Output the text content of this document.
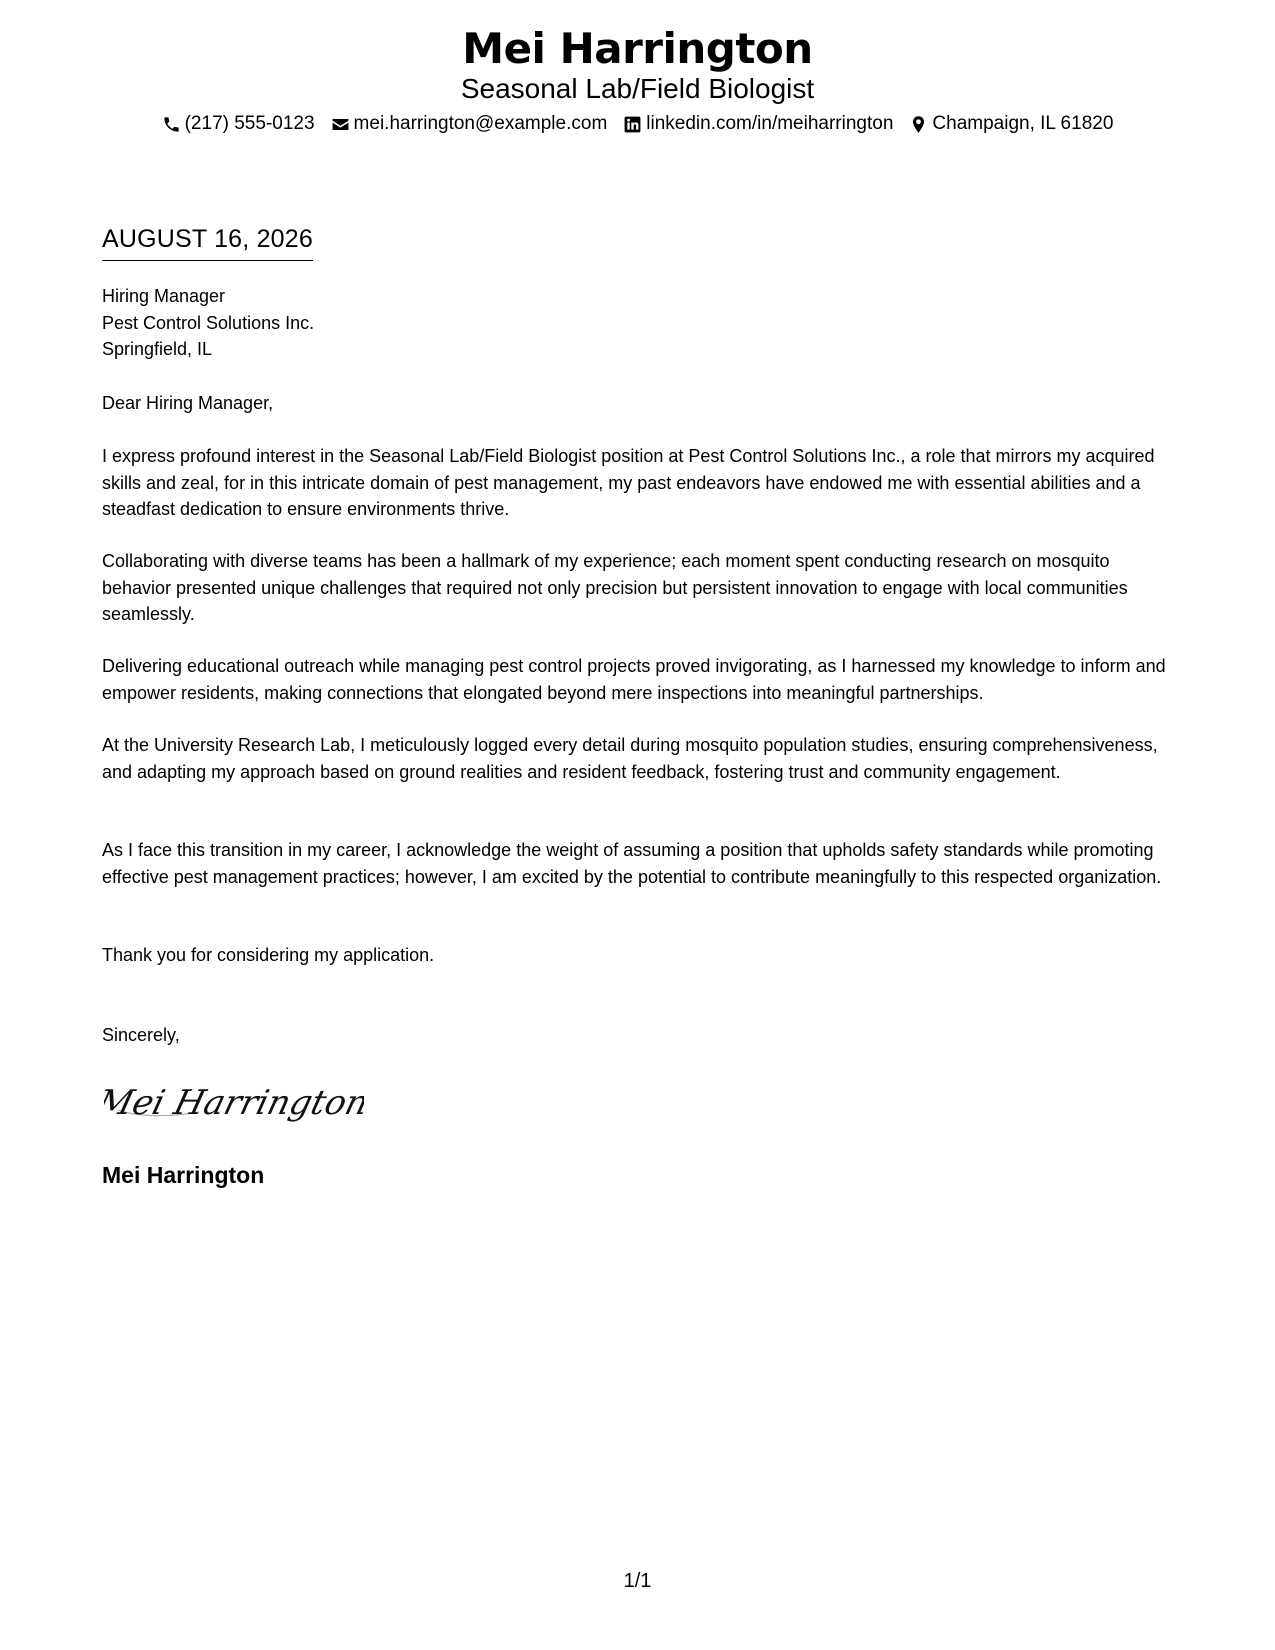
Mei Harrington
Seasonal Lab/Field Biologist
(217) 555-0123 mei.harrington@example.com linkedin.com/in/meiharrington Champaign, IL 61820
AUGUST 16, 2026
Hiring Manager
Pest Control Solutions Inc.
Springfield, IL

Dear Hiring Manager,

I express profound interest in the Seasonal Lab/Field Biologist position at Pest Control Solutions Inc., a role that mirrors my acquired skills and zeal, for in this intricate domain of pest management, my past endeavors have endowed me with essential abilities and a steadfast dedication to ensure environments thrive.

Collaborating with diverse teams has been a hallmark of my experience; each moment spent conducting research on mosquito behavior presented unique challenges that required not only precision but persistent innovation to engage with local communities seamlessly.

Delivering educational outreach while managing pest control projects proved invigorating, as I harnessed my knowledge to inform and empower residents, making connections that elongated beyond mere inspections into meaningful partnerships.

At the University Research Lab, I meticulously logged every detail during mosquito population studies, ensuring comprehensiveness, and adapting my approach based on ground realities and resident feedback, fostering trust and community engagement.

As I face this transition in my career, I acknowledge the weight of assuming a position that upholds safety standards while promoting effective pest management practices; however, I am excited by the potential to contribute meaningfully to this respected organization.

Thank you for considering my application.

Sincerely,

Mei Harrington
Mei Harrington
1/1
